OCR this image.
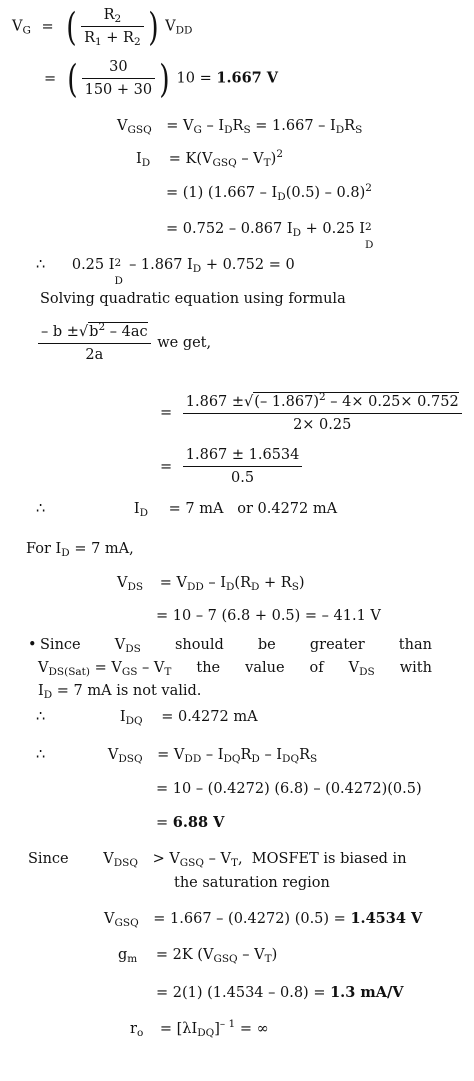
$V_G$ = ( $\frac{R_2}{R_1 + R_2}$ ) $V_{DD}$
= ( $\frac{30}{150 + 30}$ ) 10 = 1.667 V
$V_{GSQ} = V_G - I_DR_S = 1.667 - I_DR_S$
$I_D = K(V_{GSQ} - V_T)^2$
= (1) $(1.667 - I_D(0.5) - 0.8)^2$
= 0.752 – 0.867 $I_D + 0.25$ I 2
D
∴ 0.25 I 2
D
– 1.867 $I_D + 0.752 = 0$
Solving quadratic equation using formula
$\frac{- b \pm√b^2 - 4ac}{2a}$ we get,
= $\frac{1.867 \pm√(- 1.867)^2 - 4\times 0.25\times 0.752}{2\times 0.25}$
= $\frac{1.867 \pm 1.6534}{0.5}$
∴	$I_D = 7$ mA   or 0.4272 mA
For $I_D = 7$ mA,
$V_{DS} = V_{DD} - I_D(R_D + R_S)$
= 10 – 7 (6.8 + 0.5) = – 41.1 V
• Since $V_{DS}$ should be greater than
$V_{DS(Sat)} = V_{GS} - V_T$ the value of $V_{DS}$ with
$I_D = 7$ mA is not valid.
∴	$I_{DQ} = 0.4272$ mA
∴	$V_{DSQ} = V_{DD} - I_{DQ}R_D - I_{DQ}R_S$
= 10 – (0.4272) (6.8) – (0.4272)(0.5)
= 6.88 V
Since $V_{DSQ} > V_{GSQ} - V_T$,  MOSFET is biased in
the saturation region
$V_{GSQ} = 1.667 - (0.4272) (0.5) = 1.4534$ V
$g_m = 2K$ $(V_{GSQ} - V_T)$
= 2(1) (1.4534 – 0.8) = 1.3 mA/V
$r_o = [\lambda I_{DQ}]^{- 1}$ = ∞
